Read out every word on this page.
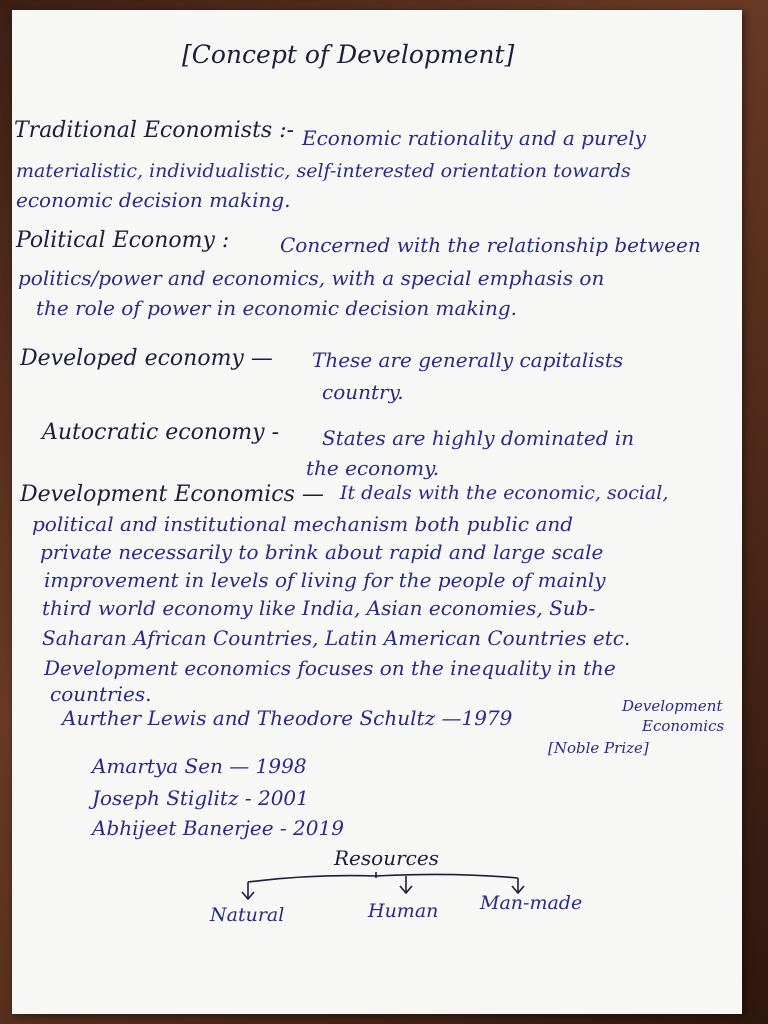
[Concept of Development]
Traditional Economists :- Economic rationality and a purely
materialistic, individualistic, self-interested orientation towards
economic decision making.
Political Economy :	Concerned with the relationship between
politics/power and economics, with a special emphasis on
the role of power in economic decision making.
Developed economy — These are generally capitalists
country.
Autocratic economy - States are highly dominated in
the economy.
Development Economics — It deals with the economic, social,
political and institutional mechanism both public and
private necessarily to brink about rapid and large scale
improvement in levels of living for the people of mainly
third world economy like India, Asian economies, Sub-
Saharan African Countries, Latin American Countries etc.
Development economics focuses on the inequality in the
countries.
Aurther Lewis and Theodore Schultz —1979	Development
Economics
[Noble Prize]
Amartya Sen — 1998
Joseph Stiglitz - 2001
Abhijeet Banerjee - 2019
Resources
Natural	Human Man-made
